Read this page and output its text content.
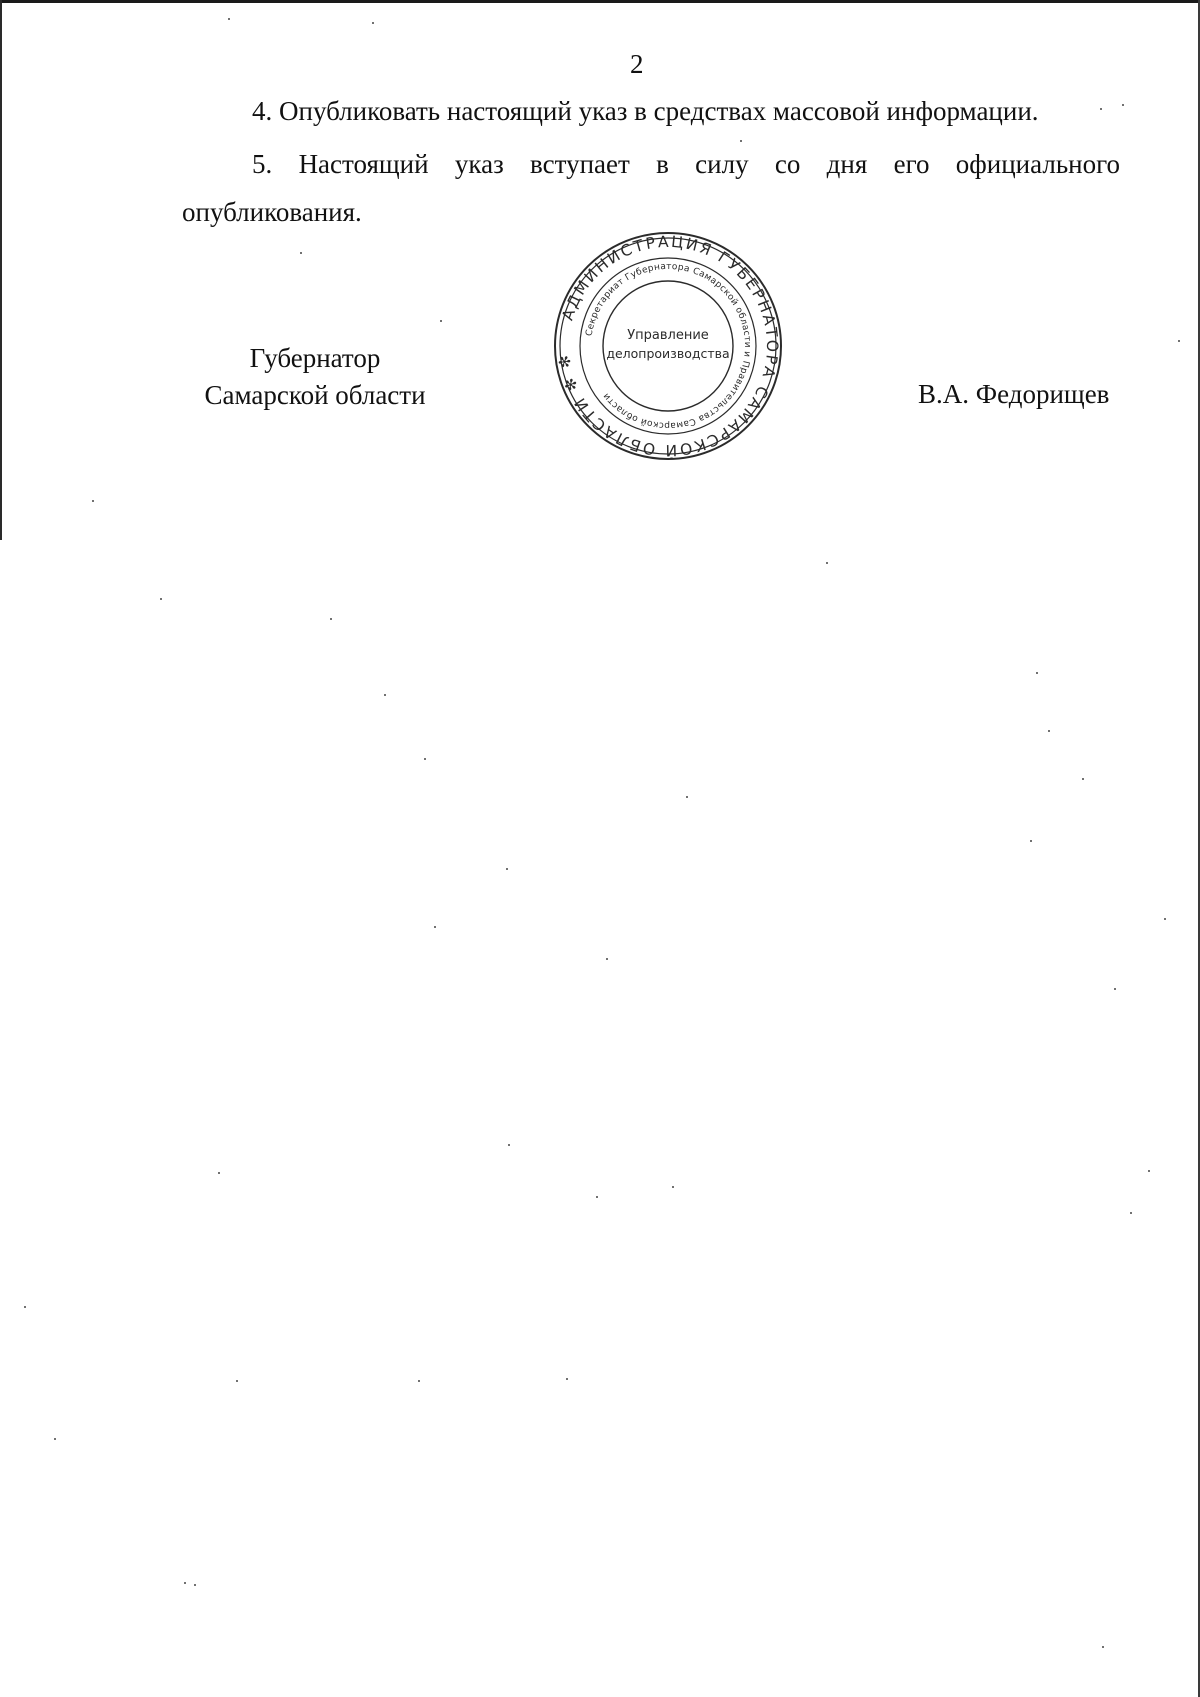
2
4. Опубликовать настоящий указ в средствах массовой информации.
5. Настоящий указ вступает в силу со дня его официального
опубликования.
Губернатор
Самарской области	В.А. Федорищев
АДМИНИСТРАЦИЯ ГУБЕРНАТОРА САМАРСКОЙ ОБЛАСТИ ✻ ✻
Секретариат Губернатора Самарской области и Правительства Самарской области
Управление
делопроизводства
